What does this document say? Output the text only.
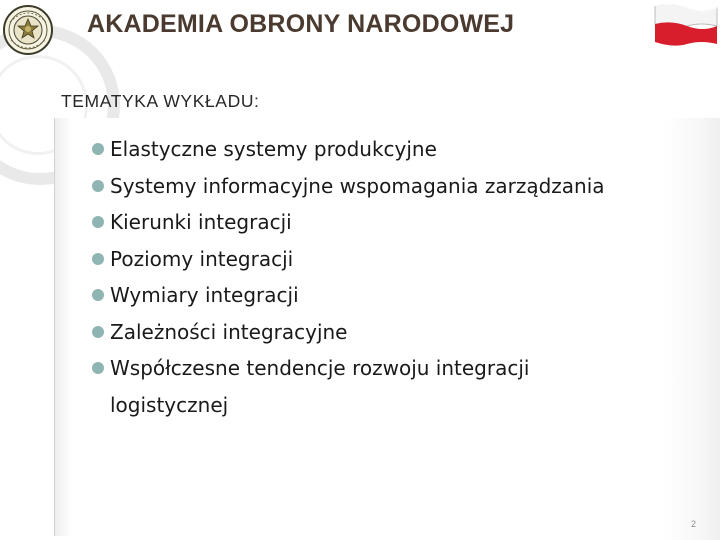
AKADEMIA OBRONY NARODOWEJ
TEMATYKA WYKŁADU:
Elastyczne systemy produkcyjne
Systemy informacyjne wspomagania zarządzania
Kierunki integracji
Poziomy integracji
Wymiary integracji
Zależności integracyjne
Współczesne tendencje rozwoju integracji logistycznej
2
